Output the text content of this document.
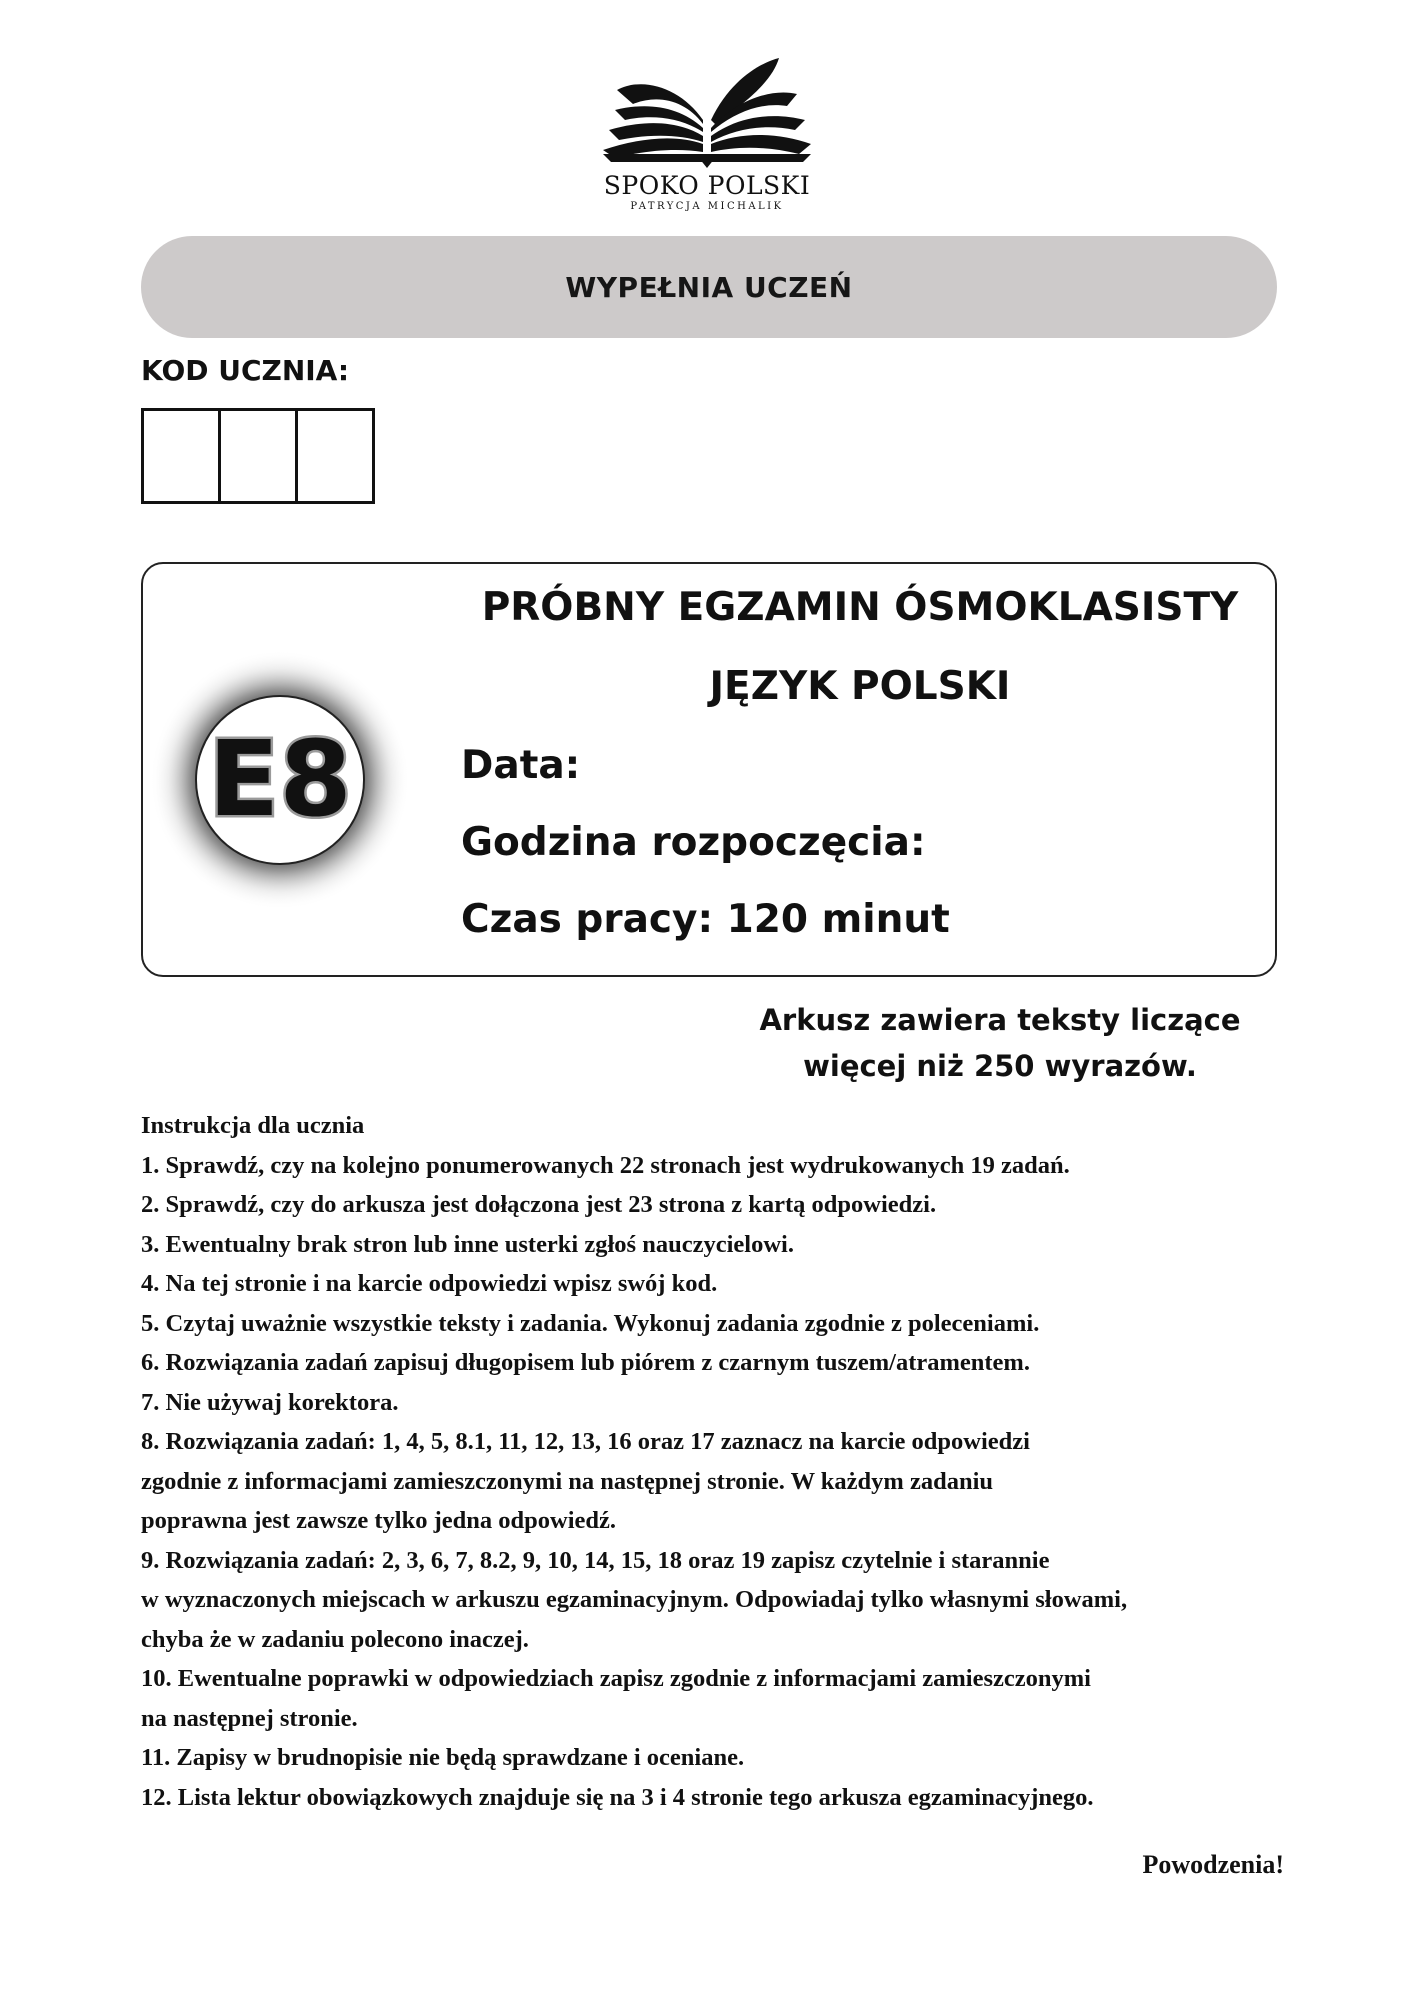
SPOKO POLSKI
PATRYCJA MICHALIK
WYPEŁNIA UCZEŃ
KOD UCZNIA:
E8
PRÓBNY EGZAMIN ÓSMOKLASISTY
JĘZYK POLSKI
Data:
Godzina rozpoczęcia:
Czas pracy: 120 minut
Arkusz zawiera teksty liczące
więcej niż 250 wyrazów.
Instrukcja dla ucznia
1. Sprawdź, czy na kolejno ponumerowanych 22 stronach jest wydrukowanych 19 zadań.
2. Sprawdź, czy do arkusza jest dołączona jest 23 strona z kartą odpowiedzi.
3. Ewentualny brak stron lub inne usterki zgłoś nauczycielowi.
4. Na tej stronie i na karcie odpowiedzi wpisz swój kod.
5. Czytaj uważnie wszystkie teksty i zadania. Wykonuj zadania zgodnie z poleceniami.
6. Rozwiązania zadań zapisuj długopisem lub piórem z czarnym tuszem/atramentem.
7. Nie używaj korektora.
8. Rozwiązania zadań: 1, 4, 5, 8.1, 11, 12, 13, 16 oraz 17 zaznacz na karcie odpowiedzi
zgodnie z informacjami zamieszczonymi na następnej stronie. W każdym zadaniu
poprawna jest zawsze tylko jedna odpowiedź.
9. Rozwiązania zadań: 2, 3, 6, 7, 8.2, 9, 10, 14, 15, 18 oraz 19 zapisz czytelnie i starannie
w wyznaczonych miejscach w arkuszu egzaminacyjnym. Odpowiadaj tylko własnymi słowami,
chyba że w zadaniu polecono inaczej.
10. Ewentualne poprawki w odpowiedziach zapisz zgodnie z informacjami zamieszczonymi
na następnej stronie.
11. Zapisy w brudnopisie nie będą sprawdzane i oceniane.
12. Lista lektur obowiązkowych znajduje się na 3 i 4 stronie tego arkusza egzaminacyjnego.
Powodzenia!
